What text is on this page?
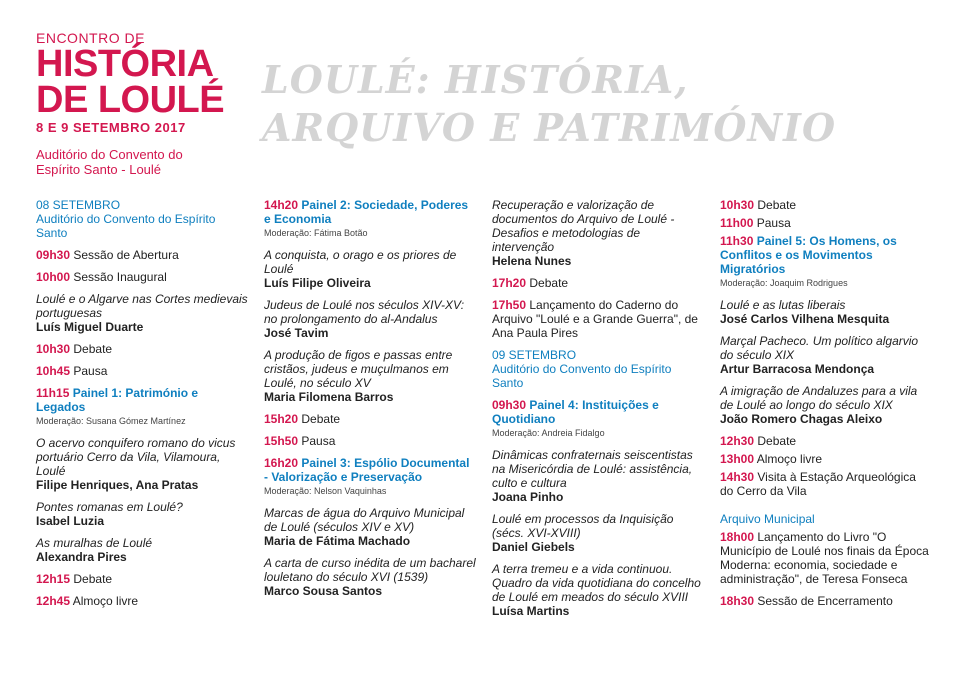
ENCONTRO DE
HISTÓRIA
DE LOULÉ
8 E 9 SETEMBRO 2017
Auditório do Convento do Espírito Santo - Loulé
LOULÉ: HISTÓRIA,
ARQUIVO E PATRIMÓNIO
08 SETEMBRO
Auditório do Convento do Espírito Santo
09h30 Sessão de Abertura
10h00 Sessão Inaugural
Loulé e o Algarve nas Cortes medievais portuguesas
Luís Miguel Duarte
10h30 Debate
10h45 Pausa
11h15 Painel 1: Património e Legados
Moderação: Susana Gómez Martínez
O acervo conquifero romano do vicus portuário Cerro da Vila, Vilamoura, Loulé
Filipe Henriques, Ana Pratas
Pontes romanas em Loulé?
Isabel Luzia
As muralhas de Loulé
Alexandra Pires
12h15 Debate
12h45 Almoço livre
14h20 Painel 2: Sociedade, Poderes e Economia
Moderação: Fátima Botão
A conquista, o orago e os priores de Loulé
Luís Filipe Oliveira
Judeus de Loulé nos séculos XIV-XV: no prolongamento do al-Andalus
José Tavim
A produção de figos e passas entre cristãos, judeus e muçulmanos em Loulé, no século XV
Maria Filomena Barros
15h20 Debate
15h50 Pausa
16h20 Painel 3: Espólio Documental - Valorização e Preservação
Moderação: Nelson Vaquinhas
Marcas de água do Arquivo Municipal de Loulé (séculos XIV e XV)
Maria de Fátima Machado
A carta de curso inédita de um bacharel louletano do século XVI (1539)
Marco Sousa Santos
Recuperação e valorização de documentos do Arquivo de Loulé - Desafios e metodologias de intervenção
Helena Nunes
17h20 Debate
17h50 Lançamento do Caderno do Arquivo "Loulé e a Grande Guerra", de Ana Paula Pires
09 SETEMBRO
Auditório do Convento do Espírito Santo
09h30 Painel 4: Instituições e Quotidiano
Moderação: Andreia Fidalgo
Dinâmicas confraternais seiscentistas na Misericórdia de Loulé: assistência, culto e cultura
Joana Pinho
Loulé em processos da Inquisição (sécs. XVI-XVIII)
Daniel Giebels
A terra tremeu e a vida continuou. Quadro da vida quotidiana do concelho de Loulé em meados do século XVIII
Luísa Martins
10h30 Debate
11h00 Pausa
11h30 Painel 5: Os Homens, os Conflitos e os Movimentos Migratórios
Moderação: Joaquim Rodrigues
Loulé e as lutas liberais
José Carlos Vilhena Mesquita
Marçal Pacheco. Um político algarvio do século XIX
Artur Barracosa Mendonça
A imigração de Andaluzes para a vila de Loulé ao longo do século XIX
João Romero Chagas Aleixo
12h30 Debate
13h00 Almoço livre
14h30 Visita à Estação Arqueológica do Cerro da Vila
Arquivo Municipal
18h00 Lançamento do Livro "O Município de Loulé nos finais da Época Moderna: economia, sociedade e administração", de Teresa Fonseca
18h30 Sessão de Encerramento
